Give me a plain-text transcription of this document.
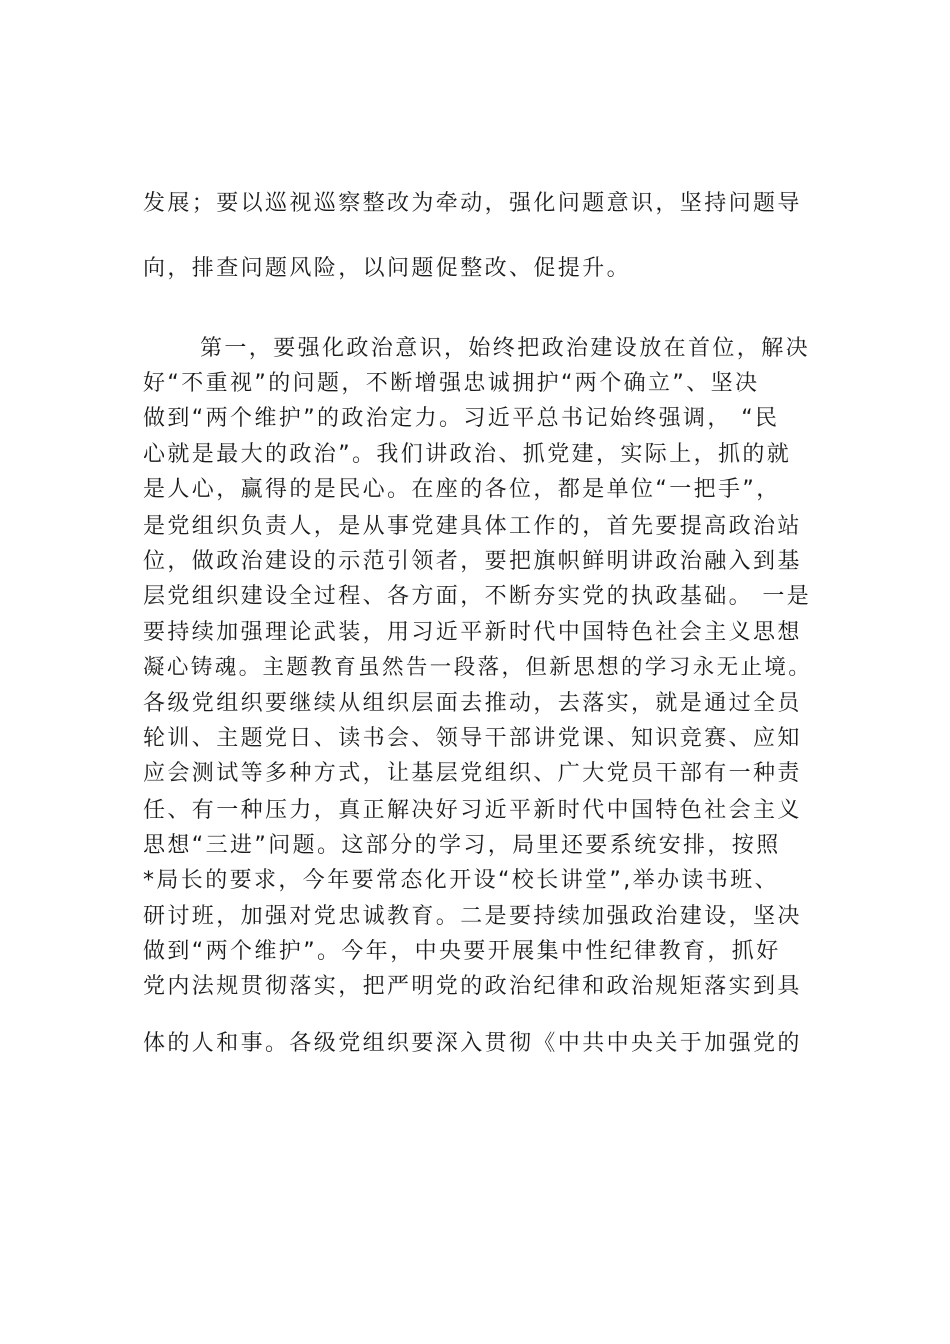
发展；要以巡视巡察整改为牵动，强化问题意识，坚持问题导
向，排查问题风险，以问题促整改、促提升。
第一，要强化政治意识，始终把政治建设放在首位，解决
好“不重视”的问题，不断增强忠诚拥护“两个确立”、坚决
做到“两个维护”的政治定力。习近平总书记始终强调， “民
心就是最大的政治”。我们讲政治、抓党建，实际上，抓的就
是人心，赢得的是民心。在座的各位，都是单位“一把手”，
是党组织负责人，是从事党建具体工作的，首先要提高政治站
位，做政治建设的示范引领者，要把旗帜鲜明讲政治融入到基
层党组织建设全过程、各方面，不断夯实党的执政基础。 一是
要持续加强理论武装，用习近平新时代中国特色社会主义思想
凝心铸魂。主题教育虽然告一段落，但新思想的学习永无止境。
各级党组织要继续从组织层面去推动，去落实，就是通过全员
轮训、主题党日、读书会、领导干部讲党课、知识竞赛、应知
应会测试等多种方式，让基层党组织、广大党员干部有一种责
任、有一种压力，真正解决好习近平新时代中国特色社会主义
思想“三进”问题。这部分的学习，局里还要系统安排，按照
*局长的要求，今年要常态化开设“校长讲堂”,举办读书班、
研讨班，加强对党忠诚教育。二是要持续加强政治建设，坚决
做到“两个维护”。今年，中央要开展集中性纪律教育，抓好
党内法规贯彻落实，把严明党的政治纪律和政治规矩落实到具
体的人和事。各级党组织要深入贯彻《中共中央关于加强党的
